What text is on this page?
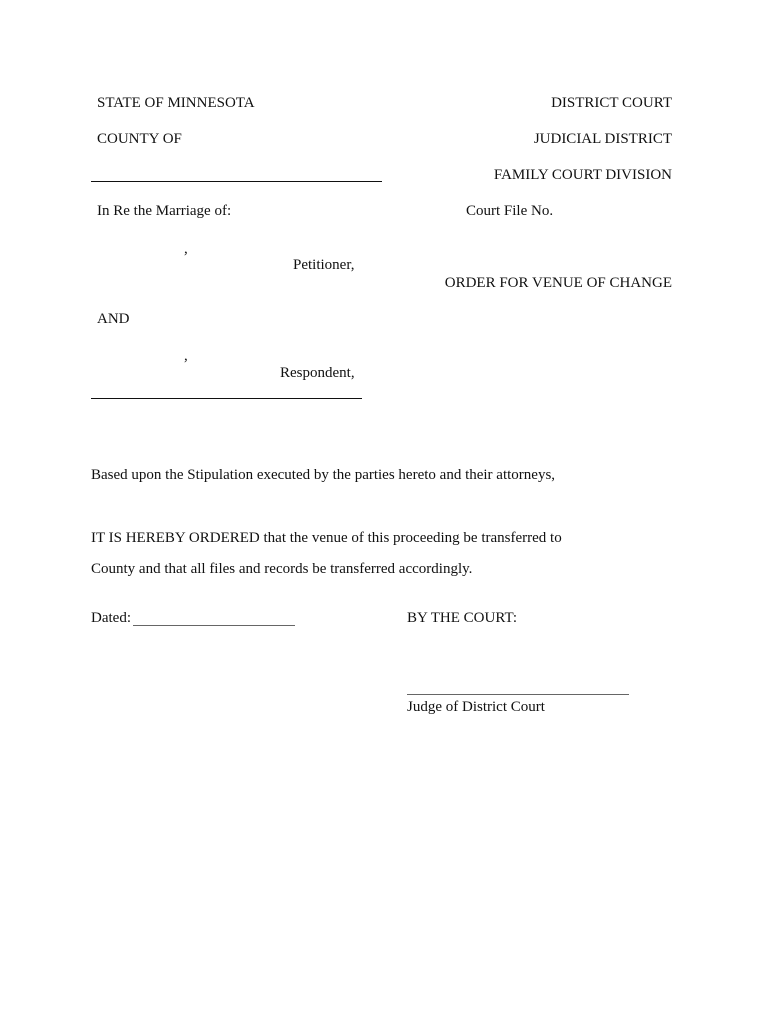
STATE OF MINNESOTA
COUNTY OF
DISTRICT COURT
JUDICIAL DISTRICT
FAMILY COURT DIVISION
In Re the Marriage of:	Court File No.
,
Petitioner,
ORDER FOR VENUE OF CHANGE
AND
,
Respondent,
Based upon the Stipulation executed by the parties hereto and their attorneys,
IT IS HEREBY ORDERED that the venue of this proceeding be transferred to
County and that all files and records be transferred accordingly.
Dated:	BY THE COURT:
Judge of District Court
